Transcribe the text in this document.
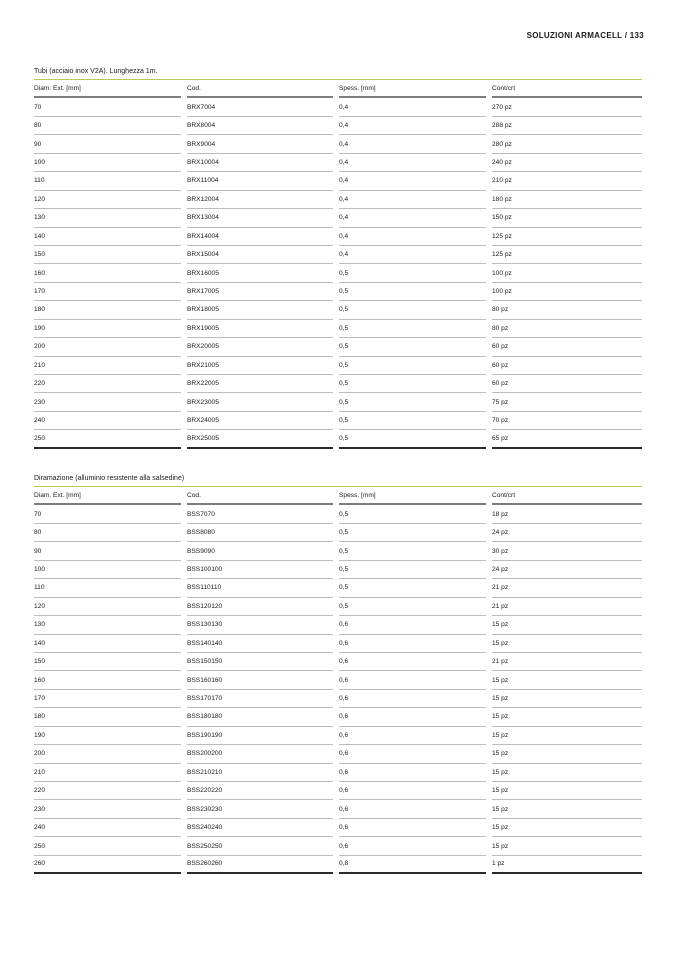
SOLUZIONI ARMACELL / 133
Tubi (acciaio inox V2A). Lunghezza 1m.
Diam. Ext. [mm]	Cod.	Spess. [mm]	Cont/crt
70	BRX7004	0,4	270 pz
80	BRX8004	0,4	288 pz
90	BRX9004	0,4	280 pz
100	BRX10004	0,4	240 pz
110	BRX11004	0,4	210 pz
120	BRX12004	0,4	180 pz
130	BRX13004	0,4	150 pz
140	BRX14004	0,4	125 pz
150	BRX15004	0,4	125 pz
160	BRX16005	0,5	100 pz
170	BRX17005	0,5	100 pz
180	BRX18005	0,5	80 pz
190	BRX19005	0,5	80 pz
200	BRX20005	0,5	60 pz
210	BRX21005	0,5	60 pz
220	BRX22005	0,5	60 pz
230	BRX23005	0,5	75 pz
240	BRX24005	0,5	70 pz
250	BRX25005	0,5	65 pz
Diramazione (alluminio resistente alla salsedine)
Diam. Ext. [mm]	Cod.	Spess. [mm]	Cont/crt
70	BSS7070	0,5	18 pz
80	BSS8080	0,5	24 pz
90	BSS9090	0,5	30 pz
100	BSS100100	0,5	24 pz
110	BSS110110	0,5	21 pz
120	BSS120120	0,5	21 pz
130	BSS130130	0,6	15 pz
140	BSS140140	0,6	15 pz
150	BSS150150	0,6	21 pz
160	BSS160160	0,6	15 pz
170	BSS170170	0,6	15 pz
180	BSS180180	0,6	15 pz
190	BSS190190	0,6	15 pz
200	BSS200200	0,6	15 pz
210	BSS210210	0,6	15 pz
220	BSS220220	0,6	15 pz
230	BSS230230	0,6	15 pz
240	BSS240240	0,6	15 pz
250	BSS250250	0,6	15 pz
260	BSS260260	0,8	1 pz
